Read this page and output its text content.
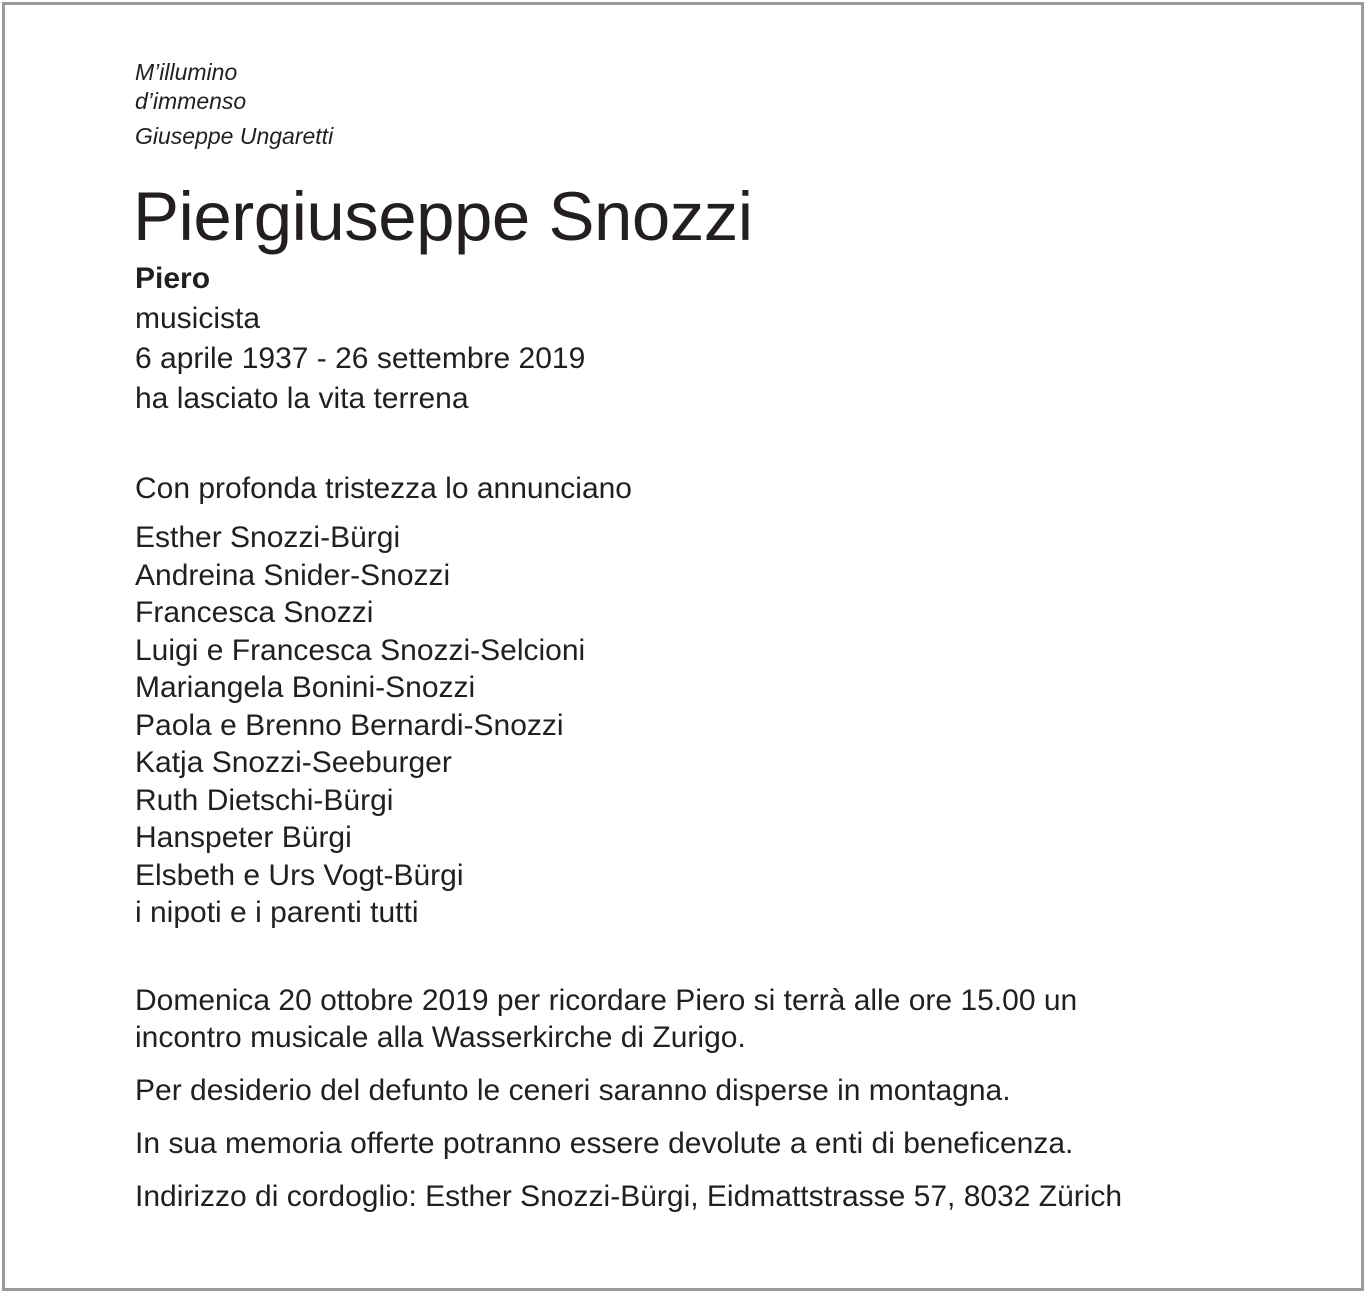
M’illumino

d’immenso

Giuseppe Ungaretti

Piergiuseppe Snozzi

Piero

musicista

6 aprile 1937 - 26 settembre 2019

ha lasciato la vita terrena

Con profonda tristezza lo annunciano

Esther Snozzi-Bürgi
Andreina Snider-Snozzi
Francesca Snozzi
Luigi e Francesca Snozzi-Selcioni
Mariangela Bonini-Snozzi
Paola e Brenno Bernardi-Snozzi
Katja Snozzi-Seeburger
Ruth Dietschi-Bürgi
Hanspeter Bürgi
Elsbeth e Urs Vogt-Bürgi
i nipoti e i parenti tutti
Domenica 20 ottobre 2019 per ricordare Piero si terrà alle ore 15.00 un
incontro musicale alla Wasserkirche di Zurigo.

Per desiderio del defunto le ceneri saranno disperse in montagna.

In sua memoria offerte potranno essere devolute a enti di beneficenza.

Indirizzo di cordoglio: Esther Snozzi-Bürgi, Eidmattstrasse 57, 8032 Zürich
